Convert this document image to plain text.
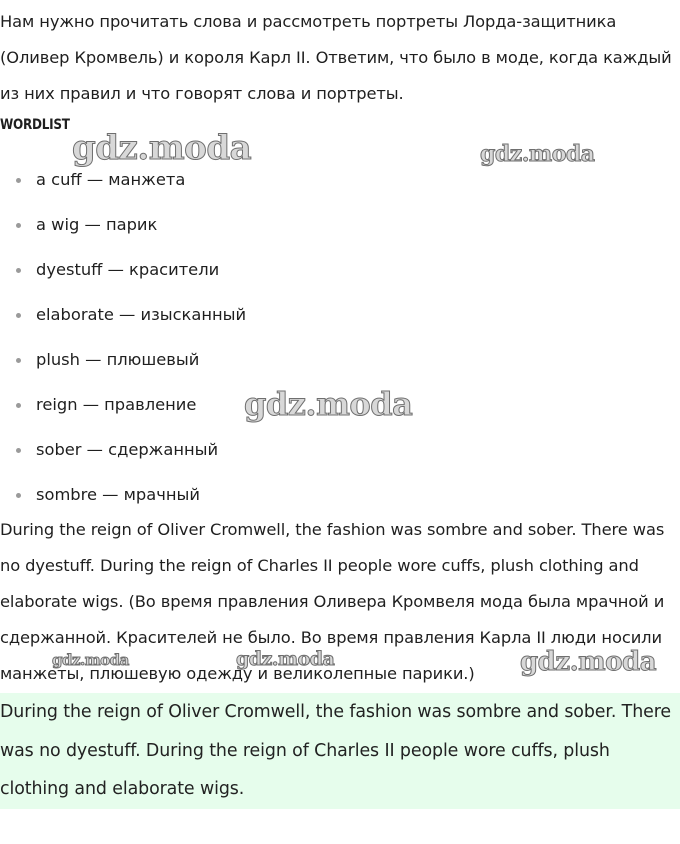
Нам нужно прочитать слова и рассмотреть портреты Лорда-защитника (Оливер Кромвель) и короля Карл II. Ответим, что было в моде, когда каждый из них правил и что говорят слова и портреты.

WORDLIST
a cuff — манжета
a wig — парик
dyestuff — красители
elaborate — изысканный
plush — плюшевый
reign — правление
sober — сдержанный
sombre — мрачный

During the reign of Oliver Cromwell, the fashion was sombre and sober. There was no dyestuff. During the reign of Charles II people wore cuffs, plush clothing and elaborate wigs. (Во время правления Оливера Кромвеля мода была мрачной и сдержанной. Красителей не было. Во время правления Карла II люди носили манжеты, плюшевую одежду и великолепные парики.)

During the reign of Oliver Cromwell, the fashion was sombre and sober. There was no dyestuff. During the reign of Charles II people wore cuffs, plush clothing and elaborate wigs.

gdz.moda	gdz.moda
gdz.moda
gdz.moda	gdz.moda	gdz.moda
